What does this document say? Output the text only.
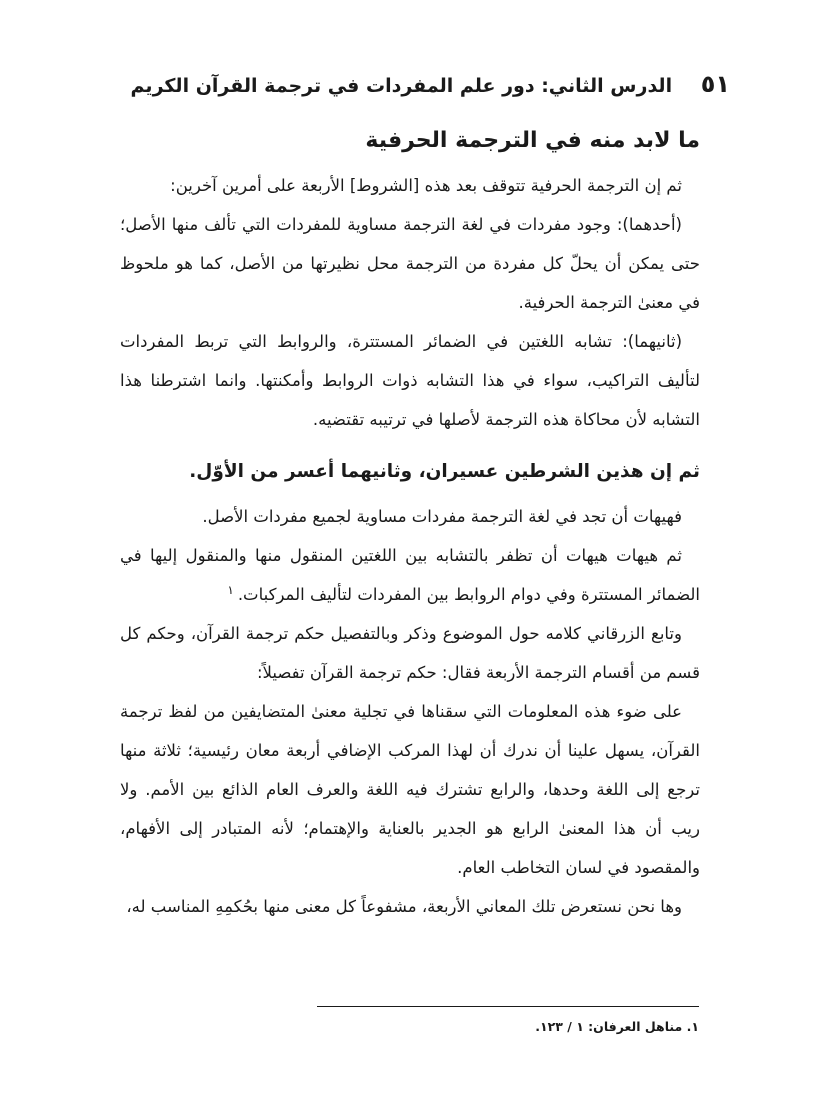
٥١ الدرس الثاني: دور علم المفردات في ترجمة القرآن الكريم

ما لابد منه في الترجمة الحرفية

ثم إن الترجمة الحرفية تتوقف بعد هذه [الشروط] الأربعة على أمرين آخرين:

(أحدهما): وجود مفردات في لغة الترجمة مساوية للمفردات التي تألف منها الأصل؛ حتى يمكن أن يحلّ كل مفردة من الترجمة محل نظيرتها من الأصل، كما هو ملحوظ في معنىٰ الترجمة الحرفية.

(ثانيهما): تشابه اللغتين في الضمائر المستترة، والروابط التي تربط المفردات لتأليف التراكيب، سواء في هذا التشابه ذوات الروابط وأمكنتها. وانما اشترطنا هذا التشابه لأن محاكاة هذه الترجمة لأصلها في ترتيبه تقتضيه.

ثم إن هذين الشرطين عسيران، وثانيهما أعسر من الأوّل.

فهيهات أن تجد في لغة الترجمة مفردات مساوية لجميع مفردات الأصل.

ثم هيهات هيهات أن تظفر بالتشابه بين اللغتين المنقول منها والمنقول إليها في الضمائر المستترة وفي دوام الروابط بين المفردات لتأليف المركبات.$^١$

وتابع الزرقاني كلامه حول الموضوع وذكر وبالتفصيل حكم ترجمة القرآن، وحكم كل قسم من أقسام الترجمة الأربعة فقال: حكم ترجمة القرآن تفصيلاً:

على ضوء هذه المعلومات التي سقناها في تجلية معنىٰ المتضايفين من لفظ ترجمة القرآن، يسهل علينا أن ندرك أن لهذا المركب الإضافي أربعة معان رئيسية؛ ثلاثة منها ترجع إلى اللغة وحدها، والرابع تشترك فيه اللغة والعرف العام الذائع بين الأمم. ولا ريب أن هذا المعنىٰ الرابع هو الجدير بالعناية والإهتمام؛ لأنه المتبادر إلى الأفهام، والمقصود في لسان التخاطب العام.

وها نحن نستعرض تلك المعاني الأربعة، مشفوعاً كل معنى منها بحُكمِهِ المناسب له،

١. مناهل العرفان: ١ / ١٢٣.
